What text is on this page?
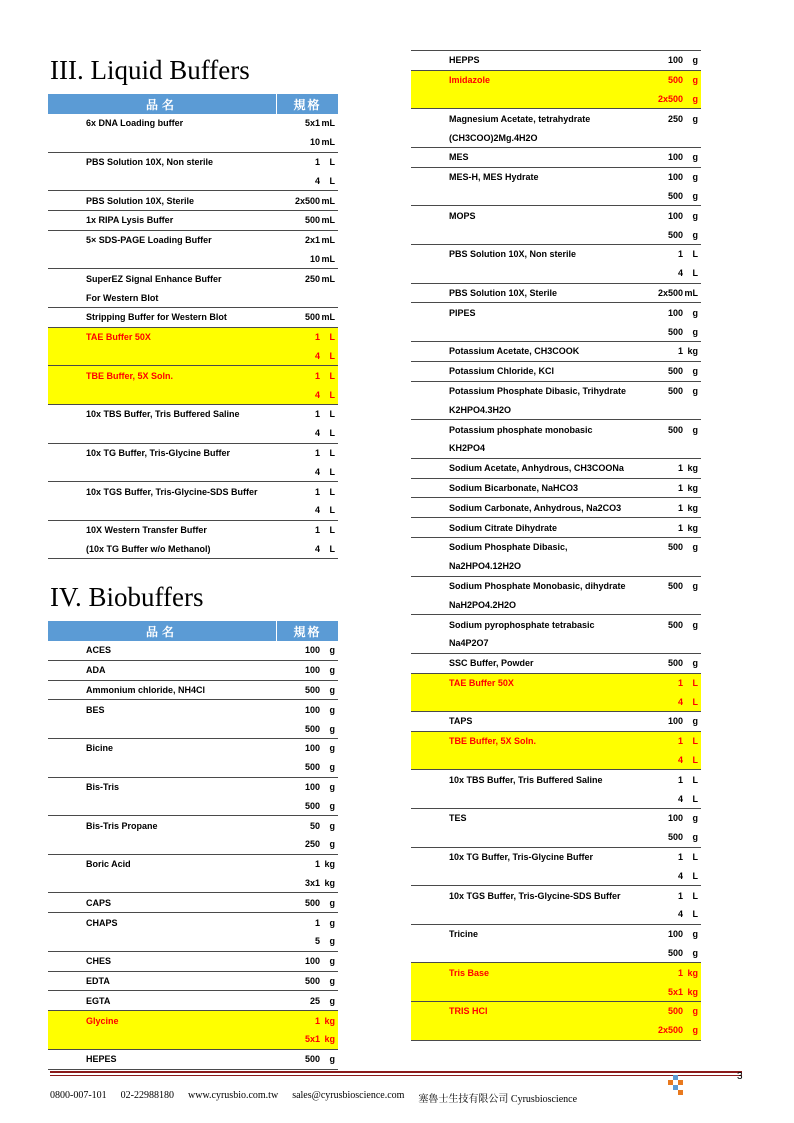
III. Liquid Buffers
品名	規格
6x DNA Loading buffer	5x1 mL
10 mL
PBS Solution 10X, Non sterile	1	L
4	L
PBS Solution 10X, Sterile	2x500 mL
1x RIPA Lysis Buffer	500 mL
5× SDS-PAGE Loading Buffer	2x1 mL
10 mL
SuperEZ Signal Enhance Buffer	250 mL
For Western Blot
Stripping Buffer for Western Blot	500 mL
TAE Buffer 50X	1	L
4	L
TBE Buffer, 5X Soln.	1	L
4	L
10x TBS Buffer, Tris Buffered Saline	1	L
4	L
10x TG Buffer, Tris-Glycine Buffer	1	L
4	L
10x TGS Buffer, Tris-Glycine-SDS Buffer	1	L
4	L
10X Western Transfer Buffer	1	L
(10x TG Buffer w/o Methanol)	4	L
IV. Biobuffers
品名	規格
ACES	100	g
ADA	100	g
Ammonium chloride, NH4Cl	500	g
BES	100	g
500	g
Bicine	100	g
500	g
Bis-Tris	100	g
500	g
Bis-Tris Propane	50	g
250	g
Boric Acid	1 kg
3x1 kg
CAPS	500	g
CHAPS	1	g
5	g
CHES	100	g
EDTA	500	g
EGTA	25	g
Glycine	1 kg
5x1 kg
HEPES	500	g
HEPPS	100	g
Imidazole	500	g
2x500	g
Magnesium Acetate, tetrahydrate	250	g
(CH3COO)2Mg.4H2O
MES	100	g
MES-H, MES Hydrate	100	g
500	g
MOPS	100	g
500	g
PBS Solution 10X, Non sterile	1	L
4	L
PBS Solution 10X, Sterile	2x500 mL
PIPES	100	g
500	g
Potassium Acetate, CH3COOK	1 kg
Potassium Chloride, KCl	500	g
Potassium Phosphate Dibasic, Trihydrate	500	g
K2HPO4.3H2O
Potassium phosphate monobasic	500	g
KH2PO4
Sodium Acetate, Anhydrous, CH3COONa	1 kg
Sodium Bicarbonate, NaHCO3	1 kg
Sodium Carbonate, Anhydrous, Na2CO3	1 kg
Sodium Citrate Dihydrate	1 kg
Sodium Phosphate Dibasic,	500	g
Na2HPO4.12H2O
Sodium Phosphate Monobasic, dihydrate	500	g
NaH2PO4.2H2O
Sodium pyrophosphate tetrabasic	500	g
Na4P2O7
SSC Buffer, Powder	500	g
TAE Buffer 50X	1	L
4	L
TAPS	100	g
TBE Buffer, 5X Soln.	1	L
4	L
10x TBS Buffer, Tris Buffered Saline	1	L
4	L
TES	100	g
500	g
10x TG Buffer, Tris-Glycine Buffer	1	L
4	L
10x TGS Buffer, Tris-Glycine-SDS Buffer	1	L
4	L
Tricine	100	g
500	g
Tris Base	1 kg
5x1 kg
TRIS HCl	500	g
2x500	g
3
0800-007-101 02-22988180 www.cyrusbio.com.tw sales@cyrusbioscience.com 塞魯士生技有限公司 Cyrusbioscience
